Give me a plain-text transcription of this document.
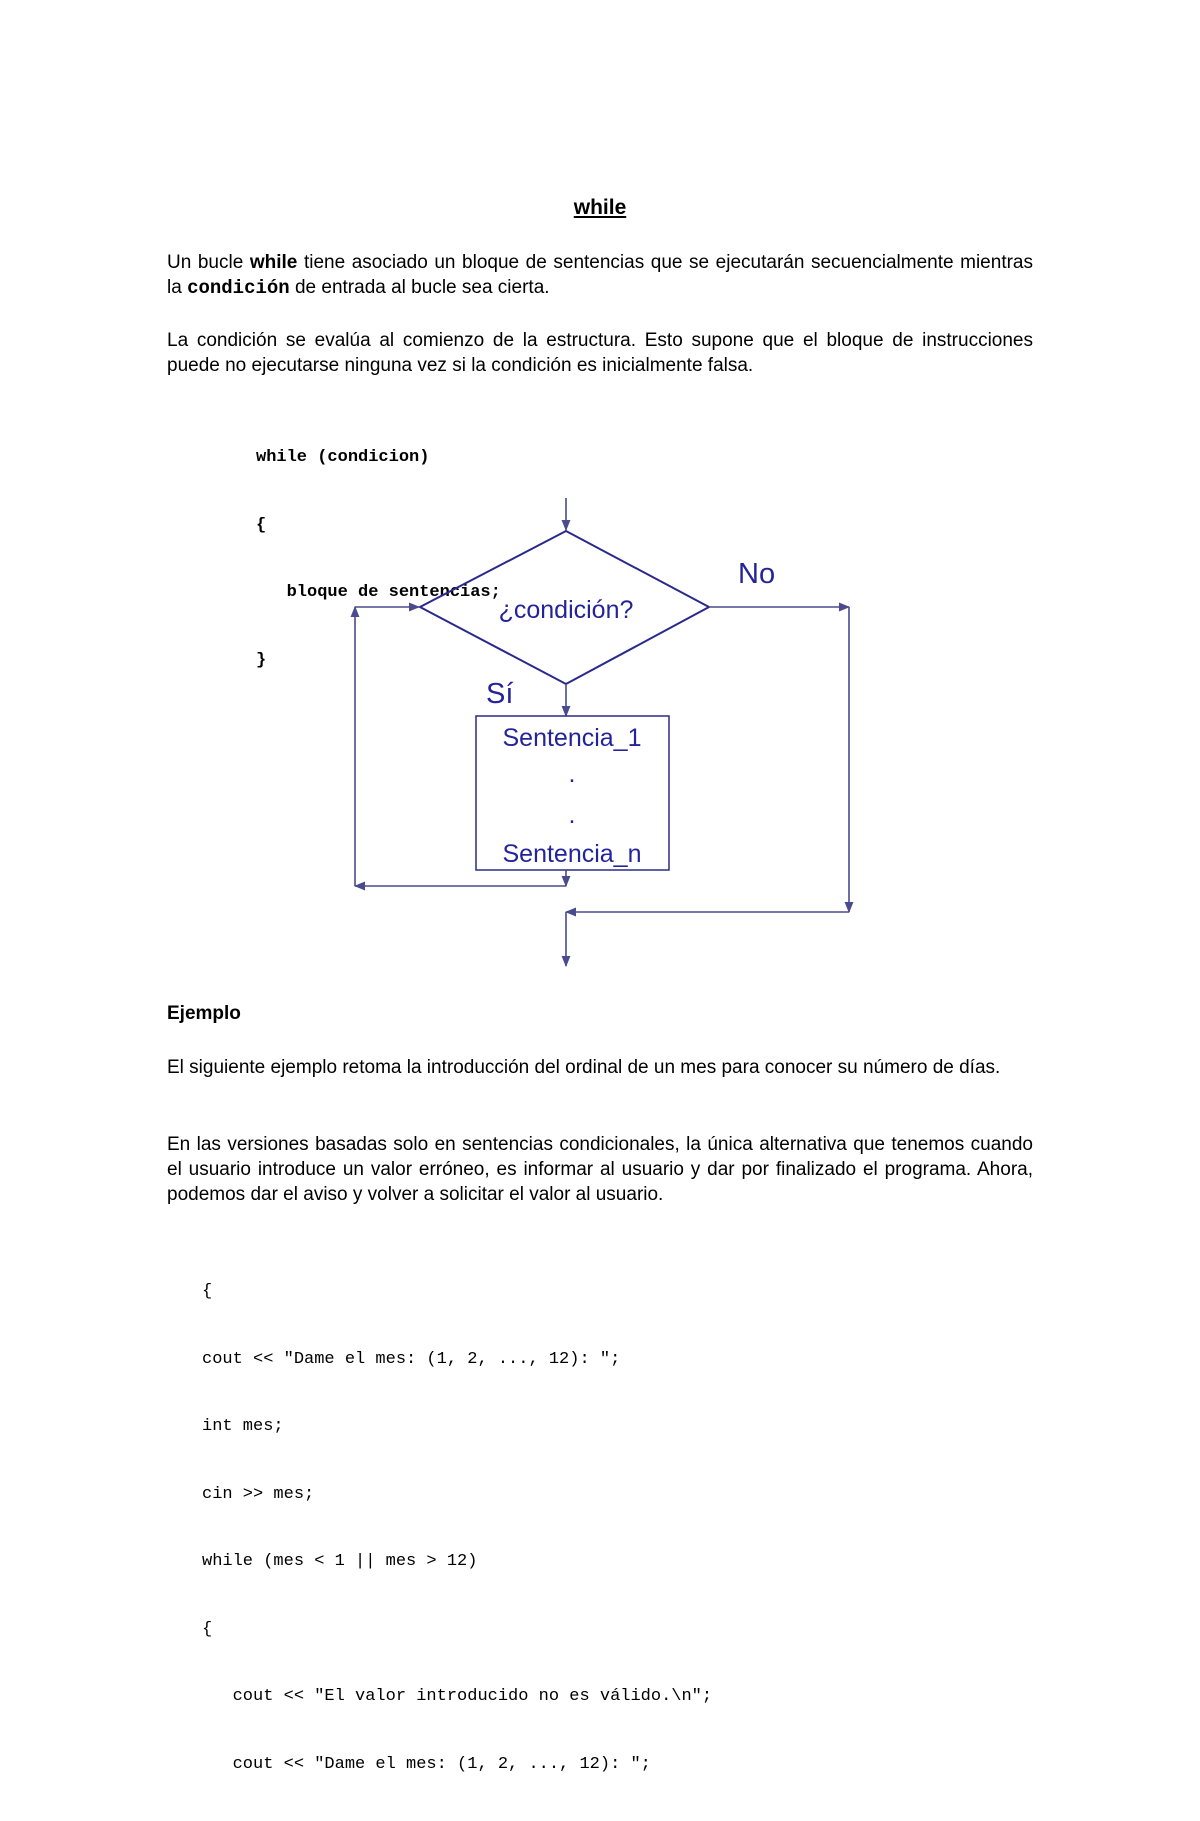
while

Un bucle while tiene asociado un bloque de sentencias que se ejecutarán secuencialmente mientras la condición de entrada al bucle sea cierta.

La condición se evalúa al comienzo de la estructura. Esto supone que el bloque de instrucciones puede no ejecutarse ninguna vez si la condición es inicialmente falsa.

while (condicion)

{

bloque de sentencias;

}

¿condición?
No
Sí
Sentencia_1
.
.
Sentencia_n
Ejemplo

El siguiente ejemplo retoma la introducción del ordinal de un mes para conocer su número de días.

En las versiones basadas solo en sentencias condicionales, la única alternativa que tenemos cuando el usuario introduce un valor erróneo, es informar al usuario y dar por finalizado el programa. Ahora, podemos dar el aviso y volver a solicitar el valor al usuario.

{

cout << "Dame el mes: (1, 2, ..., 12): ";

int mes;

cin >> mes;

while (mes < 1 || mes > 12)

{

cout << "El valor introducido no es válido.\n";

cout << "Dame el mes: (1, 2, ..., 12): ";
